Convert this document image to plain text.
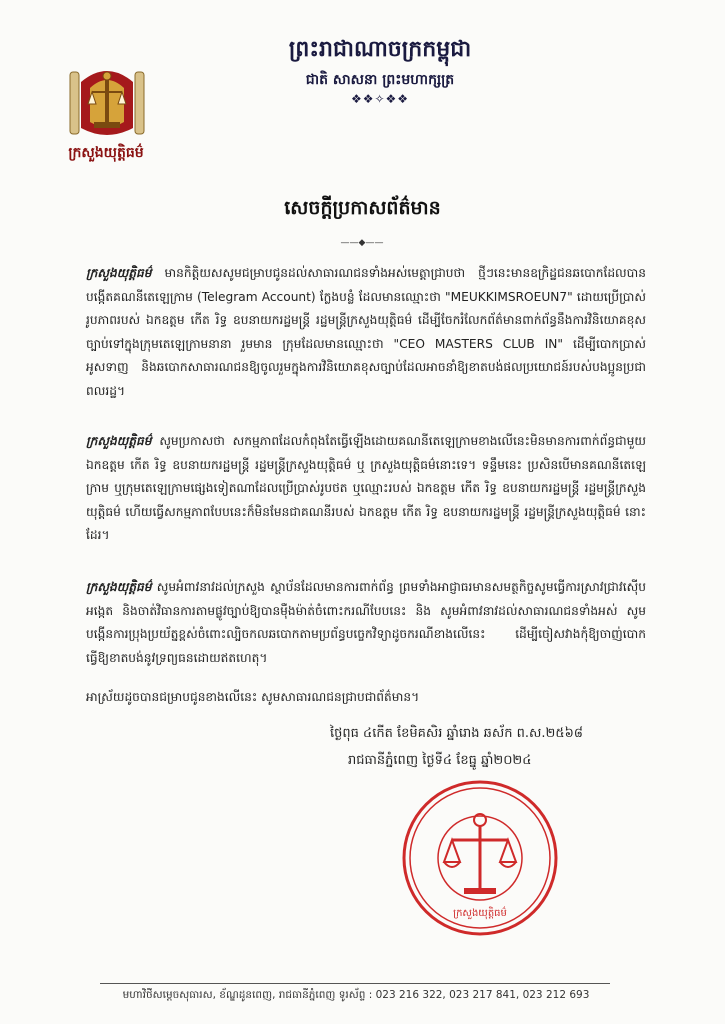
ព្រះរាជាណាចក្រកម្ពុជា
ជាតិ សាសនា ព្រះមហាក្សត្រ
❖❖✧❖❖
ក្រសួងយុត្តិធម៌
សេចក្ដីប្រកាសព័ត៌មាន
——◆——

ក្រសួងយុត្តិធម៌ មានកិត្តិយសសូមជម្រាបជូនដល់សាធារណជនទាំងអស់មេត្តាជ្រាបថា ថ្មីៗនេះមានឧក្រិដ្ឋជនឆបោកដែលបានបង្កើតគណនីតេឡេក្រាម (Telegram Account) ក្លែងបន្លំ ដែលមានឈ្មោះថា "MEUKKIMSROEUN7" ដោយប្រើប្រាស់រូបភាពរបស់ ឯកឧត្តម កើត រិទ្ធ ឧបនាយករដ្ឋមន្ត្រី រដ្ឋមន្ត្រីក្រសួងយុត្តិធម៌ ដើម្បីចែករំលែកព័ត៌មានពាក់ព័ន្ធនឹងការវិនិយោគខុសច្បាប់ទៅក្នុងក្រុមតេឡេក្រាមនានា រួមមាន ក្រុមដែលមានឈ្មោះថា "CEO MASTERS CLUB IN" ដើម្បីបោកប្រាស់ អូសទាញ និងឆបោកសាធារណជនឱ្យចូលរួមក្នុងការវិនិយោគខុសច្បាប់ដែលអាចនាំឱ្យខាតបង់ផលប្រយោជន៍របស់បងប្អូនប្រជាពលរដ្ឋ។

ក្រសួងយុត្តិធម៌ សូមប្រកាសថា សកម្មភាពដែលកំពុងតែធ្វើឡើងដោយគណនីតេឡេក្រាមខាងលើនេះមិនមានការពាក់ព័ន្ធជាមួយ ឯកឧត្តម កើត រិទ្ធ ឧបនាយករដ្ឋមន្ត្រី រដ្ឋមន្ត្រីក្រសួងយុត្តិធម៌ ឬ ក្រសួងយុត្តិធម៌នោះទេ។ ទន្ទឹមនេះ ប្រសិនបើមានគណនីតេឡេក្រាម ឬក្រុមតេឡេក្រាមផ្សេងទៀតណាដែលប្រើប្រាស់រូបថត ឬឈ្មោះរបស់ ឯកឧត្តម កើត រិទ្ធ ឧបនាយករដ្ឋមន្ត្រី រដ្ឋមន្ត្រីក្រសួងយុត្តិធម៌ ហើយធ្វើសកម្មភាពបែបនេះក៏មិនមែនជាគណនីរបស់ ឯកឧត្តម កើត រិទ្ធ ឧបនាយករដ្ឋមន្ត្រី រដ្ឋមន្ត្រីក្រសួងយុត្តិធម៌ នោះដែរ។

ក្រសួងយុត្តិធម៌ សូមអំពាវនាវដល់ក្រសួង ស្ថាប័នដែលមានការពាក់ព័ន្ធ ព្រមទាំងអាជ្ញាធរមានសមត្ថកិច្ចសូមធ្វើការស្រាវជ្រាវស៊ើបអង្កេត និងចាត់វិធានការតាមផ្លូវច្បាប់ឱ្យបានម៉ឺងម៉ាត់ចំពោះករណីបែបនេះ និង សូមអំពាវនាវដល់សាធារណជនទាំងអស់ សូមបង្កើនការប្រុងប្រយ័ត្នខ្ពស់ចំពោះល្បិចកលឆបោកតាមប្រព័ន្ធបច្ចេកវិទ្យាដូចករណីខាងលើនេះ ដើម្បីចៀសវាងកុំឱ្យចាញ់បោកធ្វើឱ្យខាតបង់នូវទ្រព្យធនដោយឥតហេតុ។

អាស្រ័យដូចបានជម្រាបជូនខាងលើនេះ សូមសាធារណជនជ្រាបជាព័ត៌មាន។

ថ្ងៃពុធ ៤កើត ខែមិគសិរ ឆ្នាំរោង ឆស័ក ព.ស.២៥៦៨
រាជធានីភ្នំពេញ ថ្ងៃទី៤ ខែធ្នូ ឆ្នាំ២០២៤
ក្រសួងយុត្តិធម៌
មហាវិថីសម្ដេចសុធារស, ខ័ណ្ឌដូនពេញ, រាជធានីភ្នំពេញ ទូរស័ព្ទ : 023 216 322, 023 217 841, 023 212 693
